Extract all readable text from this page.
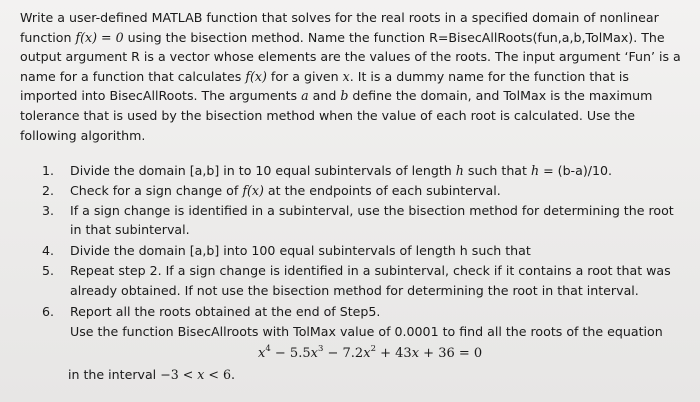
Write a user-defined MATLAB function that solves for the real roots in a specified domain of nonlinear
function f(x) = 0 using the bisection method. Name the function R=BisecAllRoots(fun,a,b,TolMax). The
output argument R is a vector whose elements are the values of the roots. The input argument ‘Fun’ is a
name for a function that calculates f(x) for a given x. It is a dummy name for the function that is
imported into BisecAllRoots. The arguments a and b define the domain, and TolMax is the maximum
tolerance that is used by the bisection method when the value of each root is calculated. Use the
following algorithm.
1.	Divide the domain [a,b] in to 10 equal subintervals of length h such that h = (b-a)/10.
2.	Check for a sign change of f(x) at the endpoints of each subinterval.
3.	If a sign change is identified in a subinterval, use the bisection method for determining the root
in that subinterval.
4.	Divide the domain [a,b] into 100 equal subintervals of length h such that
5.	Repeat step 2. If a sign change is identified in a subinterval, check if it contains a root that was
already obtained. If not use the bisection method for determining the root in that interval.
6.	Report all the roots obtained at the end of Step5.
Use the function BisecAllroots with TolMax value of 0.0001 to find all the roots of the equation
$x^4 - 5.5x^3 - 7.2x^2 + 43x + 36 = 0$
in the interval −3 < x < 6.
